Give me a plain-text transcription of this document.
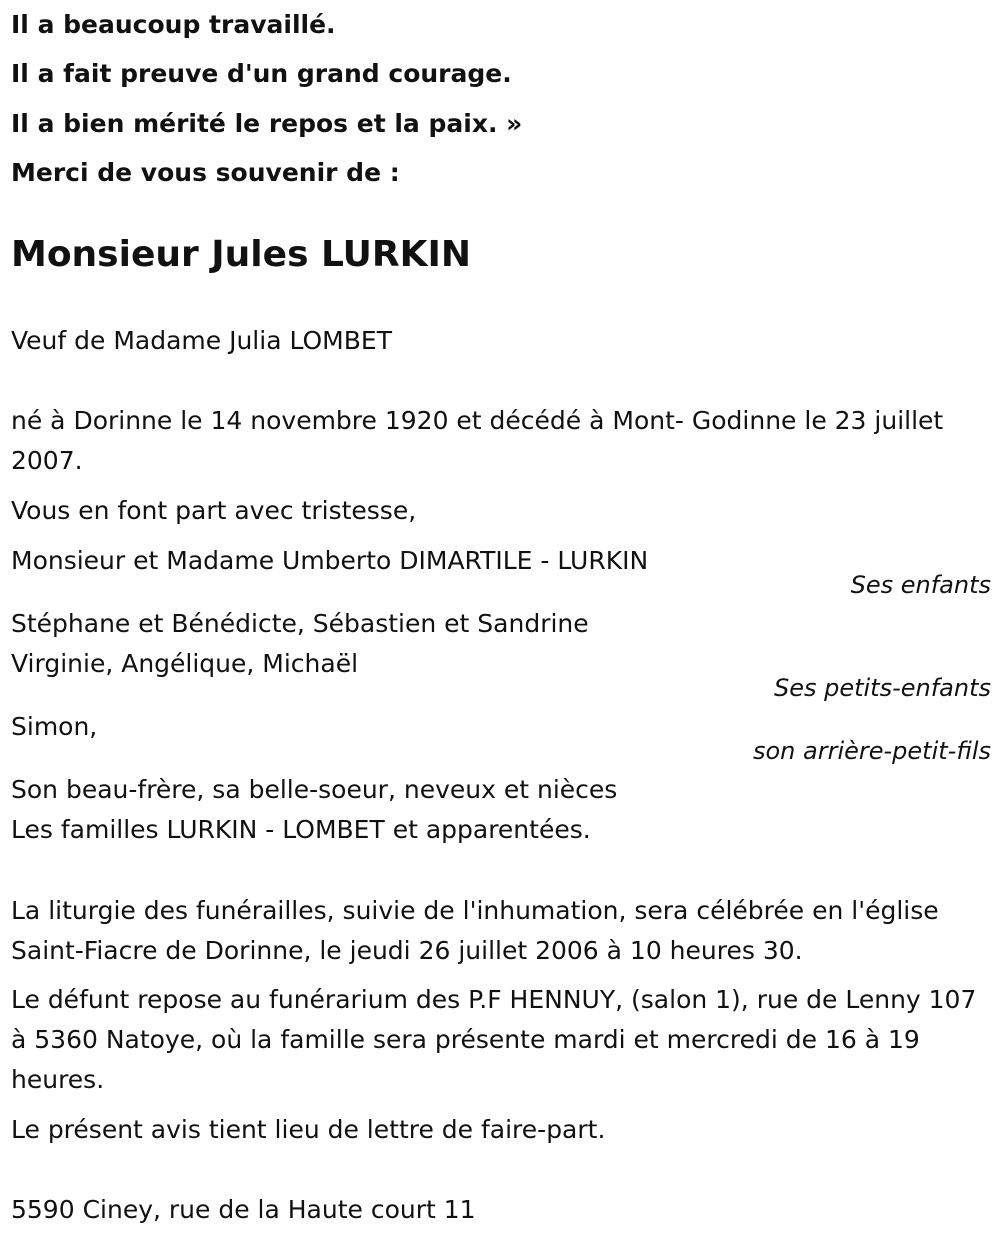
Il a beaucoup travaillé.
Il a fait preuve d'un grand courage.
Il a bien mérité le repos et la paix. »
Merci de vous souvenir de :
Monsieur Jules LURKIN
Veuf de Madame Julia LOMBET
né à Dorinne le 14 novembre 1920 et décédé à Mont- Godinne le 23 juillet 2007.
Vous en font part avec tristesse,
Monsieur et Madame Umberto DIMARTILE - LURKIN
Ses enfants
Stéphane et Bénédicte, Sébastien et Sandrine
Virginie, Angélique, Michaël
Ses petits-enfants
Simon,
son arrière-petit-fils
Son beau-frère, sa belle-soeur, neveux et nièces
Les familles LURKIN - LOMBET et apparentées.
La liturgie des funérailles, suivie de l'inhumation, sera célébrée en l'église Saint-Fiacre de Dorinne, le jeudi 26 juillet 2006 à 10 heures 30.
Le défunt repose au funérarium des P.F HENNUY, (salon 1), rue de Lenny 107 à 5360 Natoye, où la famille sera présente mardi et mercredi de 16 à 19 heures.
Le présent avis tient lieu de lettre de faire-part.
5590 Ciney, rue de la Haute court 11
